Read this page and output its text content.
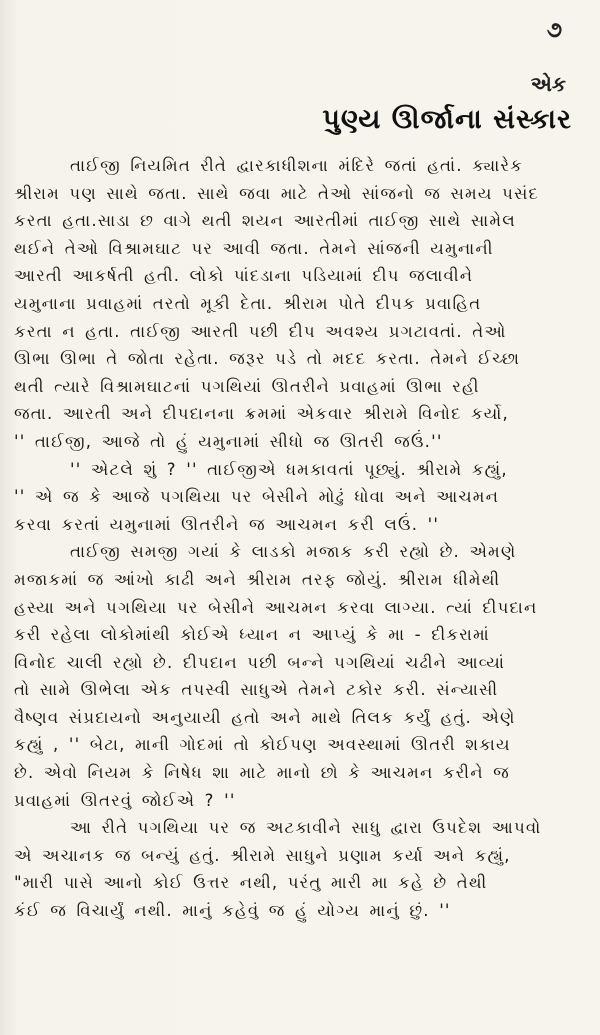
૭
એક
પુણ્ય ઊર્જાના સંસ્કાર
તાઈજી નિયમિત રીતે દ્વારકાધીશના મંદિરે જતાં હતાં. ક્યારેક
શ્રીરામ પણ સાથે જતા. સાથે જવા માટે તેઓ સાંજનો જ સમય પસંદ
કરતા હતા.સાડા છ વાગે થતી શયન આરતીમાં તાઈજી સાથે સામેલ
થઈને તેઓ વિશ્રામઘાટ પર આવી જતા. તેમને સાંજની યમુનાની
આરતી આકર્ષતી હતી. લોકો પાંદડાના પડિયામાં દીપ જલાવીને
યમુનાના પ્રવાહમાં તરતો મૂકી દેતા. શ્રીરામ પોતે દીપક પ્રવાહિત
કરતા ન હતા. તાઈજી આરતી પછી દીપ અવશ્ય પ્રગટાવતાં. તેઓ
ઊભા ઊભા તે જોતા રહેતા. જરૂર પડે તો મદદ કરતા. તેમને ઈચ્છા
થતી ત્યારે વિશ્રામઘાટનાં પગથિયાં ઊતરીને પ્રવાહમાં ઊભા રહી
જતા. આરતી અને દીપદાનના ક્રમમાં એકવાર શ્રીરામે વિનોદ કર્યો,
'' તાઈજી, આજે તો હું યમુનામાં સીધો જ ઊતરી જઉં.''
'' એટલે શું ? '' તાઈજીએ ધમકાવતાં પૂછ્યું. શ્રીરામે કહ્યું,
'' એ જ કે આજે પગથિયા પર બેસીને મોઢું ધોવા અને આચમન
કરવા કરતાં યમુનામાં ઊતરીને જ આચમન કરી લઉં. ''
તાઈજી સમજી ગયાં કે લાડકો મજાક કરી રહ્યો છે. એમણે
મજાકમાં જ આંખો કાઢી અને શ્રીરામ તરફ જોયું. શ્રીરામ ધીમેથી
હસ્યા અને પગથિયા પર બેસીને આચમન કરવા લાગ્યા. ત્યાં દીપદાન
કરી રહેલા લોકોમાંથી કોઈએ ધ્યાન ન આપ્યું કે મા - દીકરામાં
વિનોદ ચાલી રહ્યો છે. દીપદાન પછી બન્ને પગથિયાં ચઢીને આવ્યાં
તો સામે ઊભેલા એક તપસ્વી સાધુએ તેમને ટકોર કરી. સંન્યાસી
વૈષ્ણવ સંપ્રદાયનો અનુયાયી હતો અને માથે તિલક કર્યું હતું. એણે
કહ્યું , '' બેટા, માની ગોદમાં તો કોઈપણ અવસ્થામાં ઊતરી શકાય
છે. એવો નિયમ કે નિષેધ શા માટે માનો છો કે આચમન કરીને જ
પ્રવાહમાં ઊતરવું જોઈએ ? ''
આ રીતે પગથિયા પર જ અટકાવીને સાધુ દ્વારા ઉપદેશ આપવો
એ અચાનક જ બન્યું હતું. શ્રીરામે સાધુને પ્રણામ કર્યા અને કહ્યું,
"મારી પાસે આનો કોઈ ઉત્તર નથી, પરંતુ મારી મા કહે છે તેથી
કંઈ જ વિચાર્યું નથી. માનું કહેવું જ હું યોગ્ય માનું છું. ''
